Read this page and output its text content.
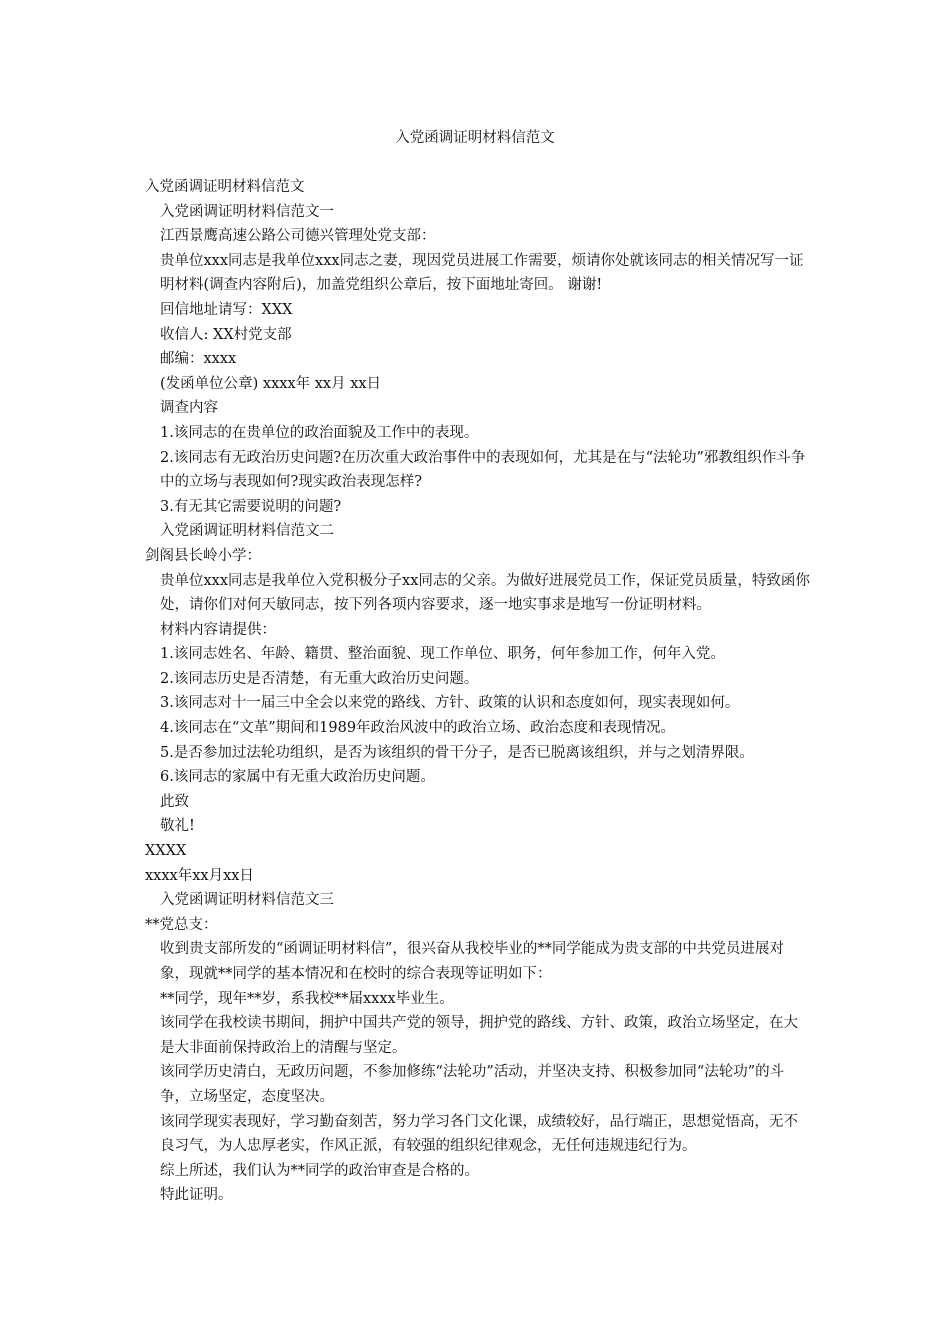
入党函调证明材料信范文

入党函调证明材料信范文

入党函调证明材料信范文一

江西景鹰高速公路公司德兴管理处党支部：

贵单位xxx同志是我单位xxx同志之妻，现因党员进展工作需要，烦请你处就该同志的相关情况写一证明材料(调查内容附后)，加盖党组织公章后，按下面地址寄回。 谢谢!

回信地址请写：XXX

收信人: XX村党支部

邮编：xxxx

(发函单位公章) xxxx年 xx月 xx日

调查内容

1.该同志的在贵单位的政治面貌及工作中的表现。

2.该同志有无政治历史问题?在历次重大政治事件中的表现如何，尤其是在与“法轮功”邪教组织作斗争中的立场与表现如何?现实政治表现怎样?

3.有无其它需要说明的问题?

入党函调证明材料信范文二

剑阁县长岭小学：

贵单位xxx同志是我单位入党积极分子xx同志的父亲。为做好进展党员工作，保证党员质量，特致函你处，请你们对何天敏同志，按下列各项内容要求，逐一地实事求是地写一份证明材料。

材料内容请提供：

1.该同志姓名、年龄、籍贯、整治面貌、现工作单位、职务，何年参加工作，何年入党。

2.该同志历史是否清楚，有无重大政治历史问题。

3.该同志对十一届三中全会以来党的路线、方针、政策的认识和态度如何，现实表现如何。

4.该同志在“文革”期间和1989年政治风波中的政治立场、政治态度和表现情况。

5.是否参加过法轮功组织，是否为该组织的骨干分子，是否已脱离该组织，并与之划清界限。

6.该同志的家属中有无重大政治历史问题。

此致

敬礼!

XXXX

xxxx年xx月xx日

入党函调证明材料信范文三

**党总支：

收到贵支部所发的“函调证明材料信”，很兴奋从我校毕业的**同学能成为贵支部的中共党员进展对象，现就**同学的基本情况和在校时的综合表现等证明如下：

**同学，现年**岁，系我校**届xxxx毕业生。

该同学在我校读书期间，拥护中国共产党的领导，拥护党的路线、方针、政策，政治立场坚定，在大是大非面前保持政治上的清醒与坚定。

该同学历史清白，无政历问题，不参加修练“法轮功”活动，并坚决支持、积极参加同“法轮功”的斗争，立场坚定，态度坚决。

该同学现实表现好，学习勤奋刻苦，努力学习各门文化课，成绩较好，品行端正，思想觉悟高，无不良习气，为人忠厚老实，作风正派，有较强的组织纪律观念，无任何违规违纪行为。

综上所述，我们认为**同学的政治审查是合格的。

特此证明。
